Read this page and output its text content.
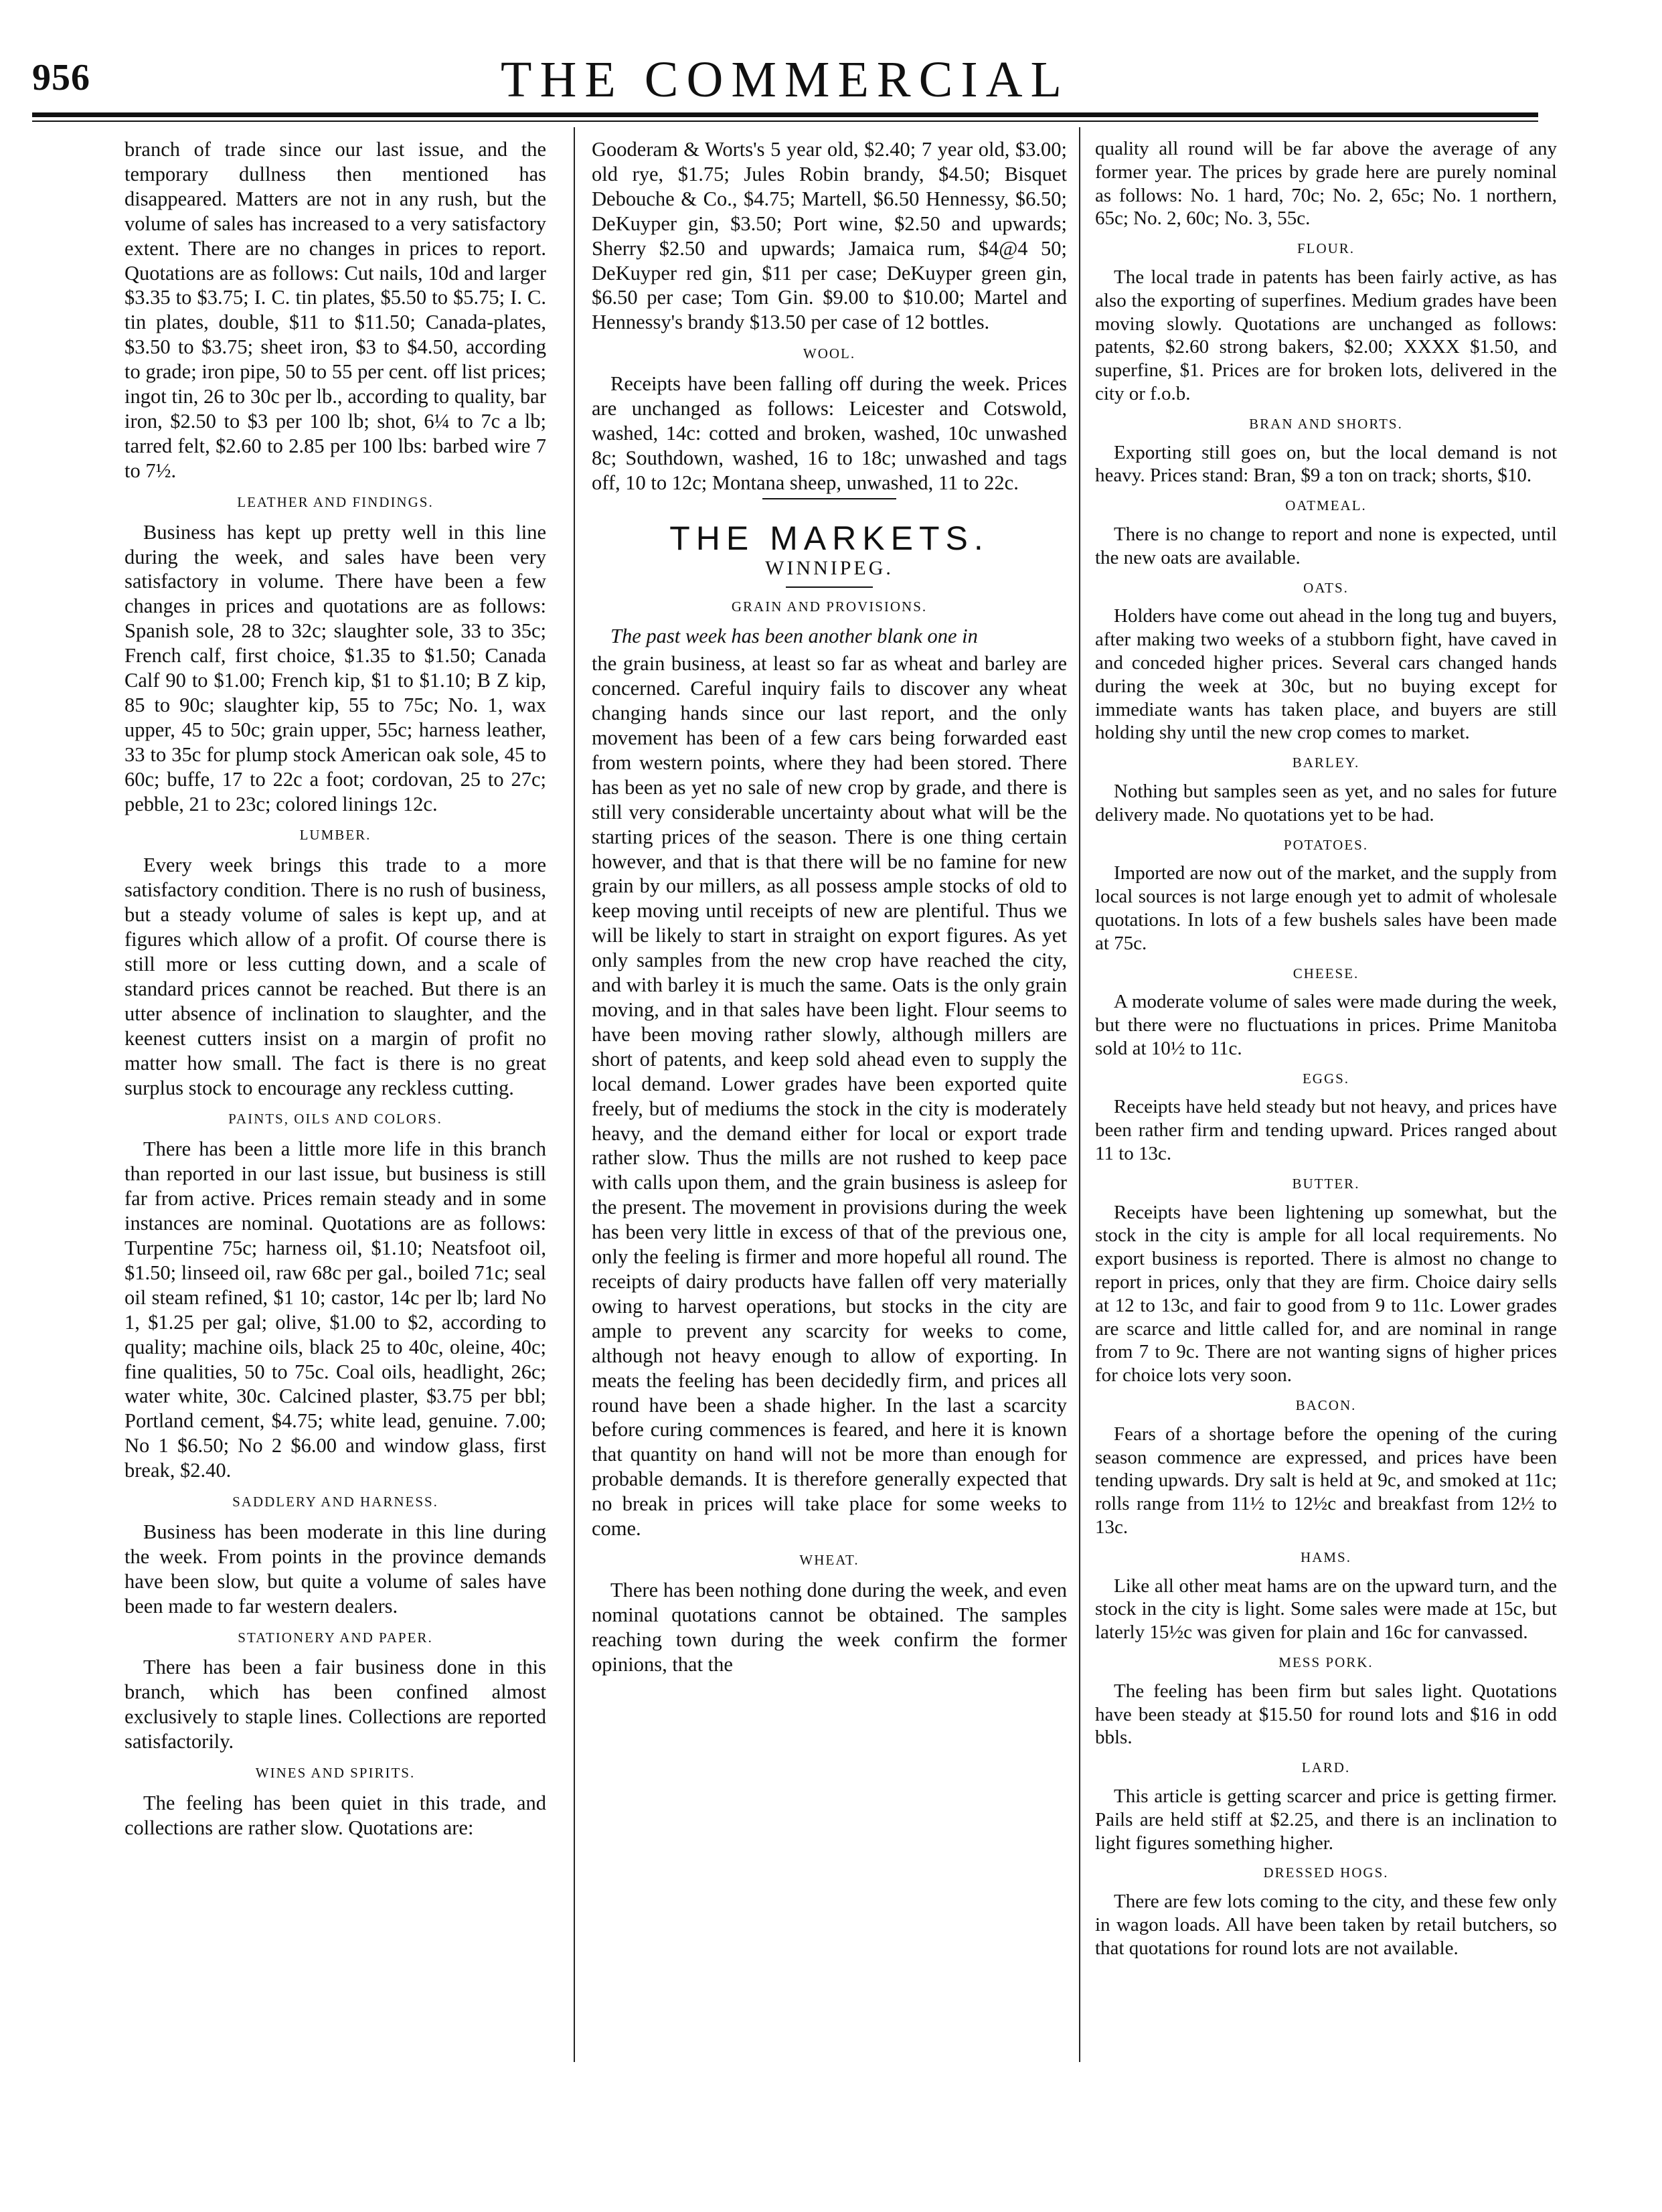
956	THE COMMERCIAL

branch of trade since our last issue, and the temporary dullness then mentioned has disappeared. Matters are not in any rush, but the volume of sales has increased to a very satisfactory extent. There are no changes in prices to report. Quotations are as follows: Cut nails, 10d and larger $3.35 to $3.75; I. C. tin plates, $5.50 to $5.75; I. C. tin plates, double, $11 to $11.50; Canada-plates, $3.50 to $3.75; sheet iron, $3 to $4.50, according to grade; iron pipe, 50 to 55 per cent. off list prices; ingot tin, 26 to 30c per lb., according to quality, bar iron, $2.50 to $3 per 100 lb; shot, 6¼ to 7c a lb; tarred felt, $2.60 to 2.85 per 100 lbs: barbed wire 7 to 7½.

LEATHER AND FINDINGS.

Business has kept up pretty well in this line during the week, and sales have been very satisfactory in volume. There have been a few changes in prices and quotations are as follows: Spanish sole, 28 to 32c; slaughter sole, 33 to 35c; French calf, first choice, $1.35 to $1.50; Canada Calf 90 to $1.00; French kip, $1 to $1.10; B Z kip, 85 to 90c; slaughter kip, 55 to 75c; No. 1, wax upper, 45 to 50c; grain upper, 55c; harness leather, 33 to 35c for plump stock American oak sole, 45 to 60c; buffe, 17 to 22c a foot; cordovan, 25 to 27c; pebble, 21 to 23c; colored linings 12c.

LUMBER.

Every week brings this trade to a more satisfactory condition. There is no rush of business, but a steady volume of sales is kept up, and at figures which allow of a profit. Of course there is still more or less cutting down, and a scale of standard prices cannot be reached. But there is an utter absence of inclination to slaughter, and the keenest cutters insist on a margin of profit no matter how small. The fact is there is no great surplus stock to encourage any reckless cutting.

PAINTS, OILS AND COLORS.

There has been a little more life in this branch than reported in our last issue, but business is still far from active. Prices remain steady and in some instances are nominal. Quotations are as follows: Turpentine 75c; harness oil, $1.10; Neatsfoot oil, $1.50; linseed oil, raw 68c per gal., boiled 71c; seal oil steam refined, $1 10; castor, 14c per lb; lard No 1, $1.25 per gal; olive, $1.00 to $2, according to quality; machine oils, black 25 to 40c, oleine, 40c; fine qualities, 50 to 75c. Coal oils, headlight, 26c; water white, 30c. Calcined plaster, $3.75 per bbl; Portland cement, $4.75; white lead, genuine. 7.00; No 1 $6.50; No 2 $6.00 and window glass, first break, $2.40.

SADDLERY AND HARNESS.

Business has been moderate in this line during the week. From points in the province demands have been slow, but quite a volume of sales have been made to far western dealers.

STATIONERY AND PAPER.

There has been a fair business done in this branch, which has been confined almost exclusively to staple lines. Collections are reported satisfactorily.

WINES AND SPIRITS.

The feeling has been quiet in this trade, and collections are rather slow. Quotations are:

Gooderam & Worts's 5 year old, $2.40; 7 year old, $3.00; old rye, $1.75; Jules Robin brandy, $4.50; Bisquet Debouche & Co., $4.75; Martell, $6.50 Hennessy, $6.50; DeKuyper gin, $3.50; Port wine, $2.50 and upwards; Sherry $2.50 and upwards; Jamaica rum, $4@4 50; DeKuyper red gin, $11 per case; DeKuyper green gin, $6.50 per case; Tom Gin. $9.00 to $10.00; Martel and Hennessy's brandy $13.50 per case of 12 bottles.

WOOL.

Receipts have been falling off during the week. Prices are unchanged as follows: Leicester and Cotswold, washed, 14c: cotted and broken, washed, 10c unwashed 8c; Southdown, washed, 16 to 18c; unwashed and tags off, 10 to 12c; Montana sheep, unwashed, 11 to 22c.

THE MARKETS.
WINNIPEG.
GRAIN AND PROVISIONS.

The past week has been another blank one in

the grain business, at least so far as wheat and barley are concerned. Careful inquiry fails to discover any wheat changing hands since our last report, and the only movement has been of a few cars being forwarded east from western points, where they had been stored. There has been as yet no sale of new crop by grade, and there is still very considerable uncertainty about what will be the starting prices of the season. There is one thing certain however, and that is that there will be no famine for new grain by our millers, as all possess ample stocks of old to keep moving until receipts of new are plentiful. Thus we will be likely to start in straight on export figures. As yet only samples from the new crop have reached the city, and with barley it is much the same. Oats is the only grain moving, and in that sales have been light. Flour seems to have been moving rather slowly, although millers are short of patents, and keep sold ahead even to supply the local demand. Lower grades have been exported quite freely, but of mediums the stock in the city is moderately heavy, and the demand either for local or export trade rather slow. Thus the mills are not rushed to keep pace with calls upon them, and the grain business is asleep for the present. The movement in provisions during the week has been very little in excess of that of the previous one, only the feeling is firmer and more hopeful all round. The receipts of dairy products have fallen off very materially owing to harvest operations, but stocks in the city are ample to prevent any scarcity for weeks to come, although not heavy enough to allow of exporting. In meats the feeling has been decidedly firm, and prices all round have been a shade higher. In the last a scarcity before curing commences is feared, and here it is known that quantity on hand will not be more than enough for probable demands. It is therefore generally expected that no break in prices will take place for some weeks to come.

WHEAT.

There has been nothing done during the week, and even nominal quotations cannot be obtained. The samples reaching town during the week confirm the former opinions, that the

quality all round will be far above the average of any former year. The prices by grade here are purely nominal as follows: No. 1 hard, 70c; No. 2, 65c; No. 1 northern, 65c; No. 2, 60c; No. 3, 55c.

FLOUR.

The local trade in patents has been fairly active, as has also the exporting of superfines. Medium grades have been moving slowly. Quotations are unchanged as follows: patents, $2.60 strong bakers, $2.00; XXXX $1.50, and superfine, $1. Prices are for broken lots, delivered in the city or f.o.b.

BRAN AND SHORTS.

Exporting still goes on, but the local demand is not heavy. Prices stand: Bran, $9 a ton on track; shorts, $10.

OATMEAL.

There is no change to report and none is expected, until the new oats are available.

OATS.

Holders have come out ahead in the long tug and buyers, after making two weeks of a stubborn fight, have caved in and conceded higher prices. Several cars changed hands during the week at 30c, but no buying except for immediate wants has taken place, and buyers are still holding shy until the new crop comes to market.

BARLEY.

Nothing but samples seen as yet, and no sales for future delivery made. No quotations yet to be had.

POTATOES.

Imported are now out of the market, and the supply from local sources is not large enough yet to admit of wholesale quotations. In lots of a few bushels sales have been made at 75c.

CHEESE.

A moderate volume of sales were made during the week, but there were no fluctuations in prices. Prime Manitoba sold at 10½ to 11c.

EGGS.

Receipts have held steady but not heavy, and prices have been rather firm and tending upward. Prices ranged about 11 to 13c.

BUTTER.

Receipts have been lightening up somewhat, but the stock in the city is ample for all local requirements. No export business is reported. There is almost no change to report in prices, only that they are firm. Choice dairy sells at 12 to 13c, and fair to good from 9 to 11c. Lower grades are scarce and little called for, and are nominal in range from 7 to 9c. There are not wanting signs of higher prices for choice lots very soon.

BACON.

Fears of a shortage before the opening of the curing season commence are expressed, and prices have been tending upwards. Dry salt is held at 9c, and smoked at 11c; rolls range from 11½ to 12½c and breakfast from 12½ to 13c.

HAMS.

Like all other meat hams are on the upward turn, and the stock in the city is light. Some sales were made at 15c, but laterly 15½c was given for plain and 16c for canvassed.

MESS PORK.

The feeling has been firm but sales light. Quotations have been steady at $15.50 for round lots and $16 in odd bbls.

LARD.

This article is getting scarcer and price is getting firmer. Pails are held stiff at $2.25, and there is an inclination to light figures something higher.

DRESSED HOGS.

There are few lots coming to the city, and these few only in wagon loads. All have been taken by retail butchers, so that quotations for round lots are not available.
